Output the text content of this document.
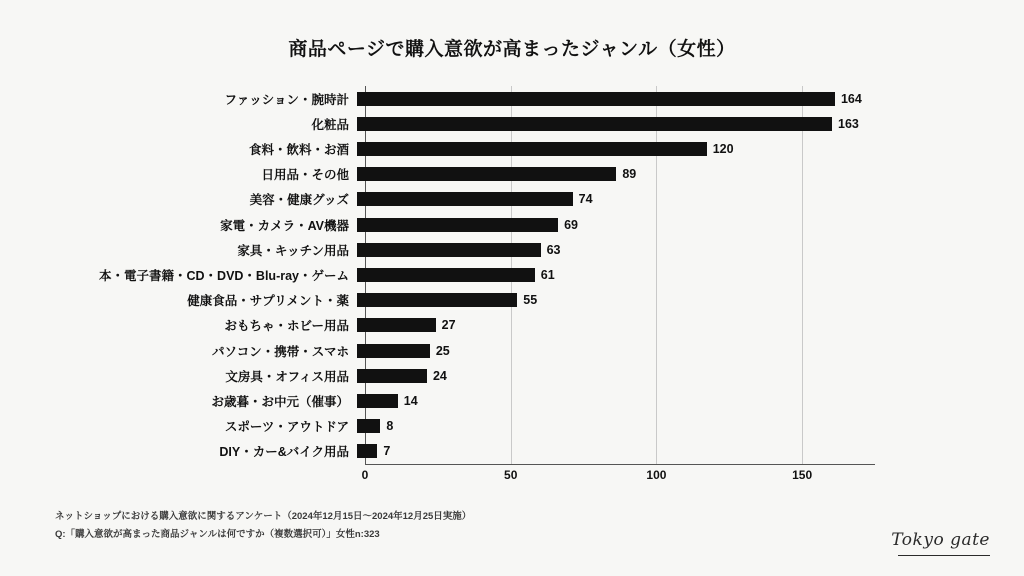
商品ページで購入意欲が高まったジャンル（女性）
ファッション・腕時計	164
化粧品	163
食料・飲料・お酒	120
日用品・その他	89
美容・健康グッズ	74
家電・カメラ・AV機器	69
家具・キッチン用品	63
本・電子書籍・CD・DVD・Blu-ray・ゲーム	61
健康食品・サプリメント・薬	55
おもちゃ・ホビー用品	27
パソコン・携帯・スマホ	25
文房具・オフィス用品	24
お歳暮・お中元（催事）	14
スポーツ・アウトドア	8
DIY・カー&バイク用品	7
0	50	100	150
ネットショップにおける購入意欲に関するアンケート（2024年12月15日〜2024年12月25日実施）
Q:「購入意欲が高まった商品ジャンルは何ですか（複数選択可）」女性n:323	Tokyo gate
